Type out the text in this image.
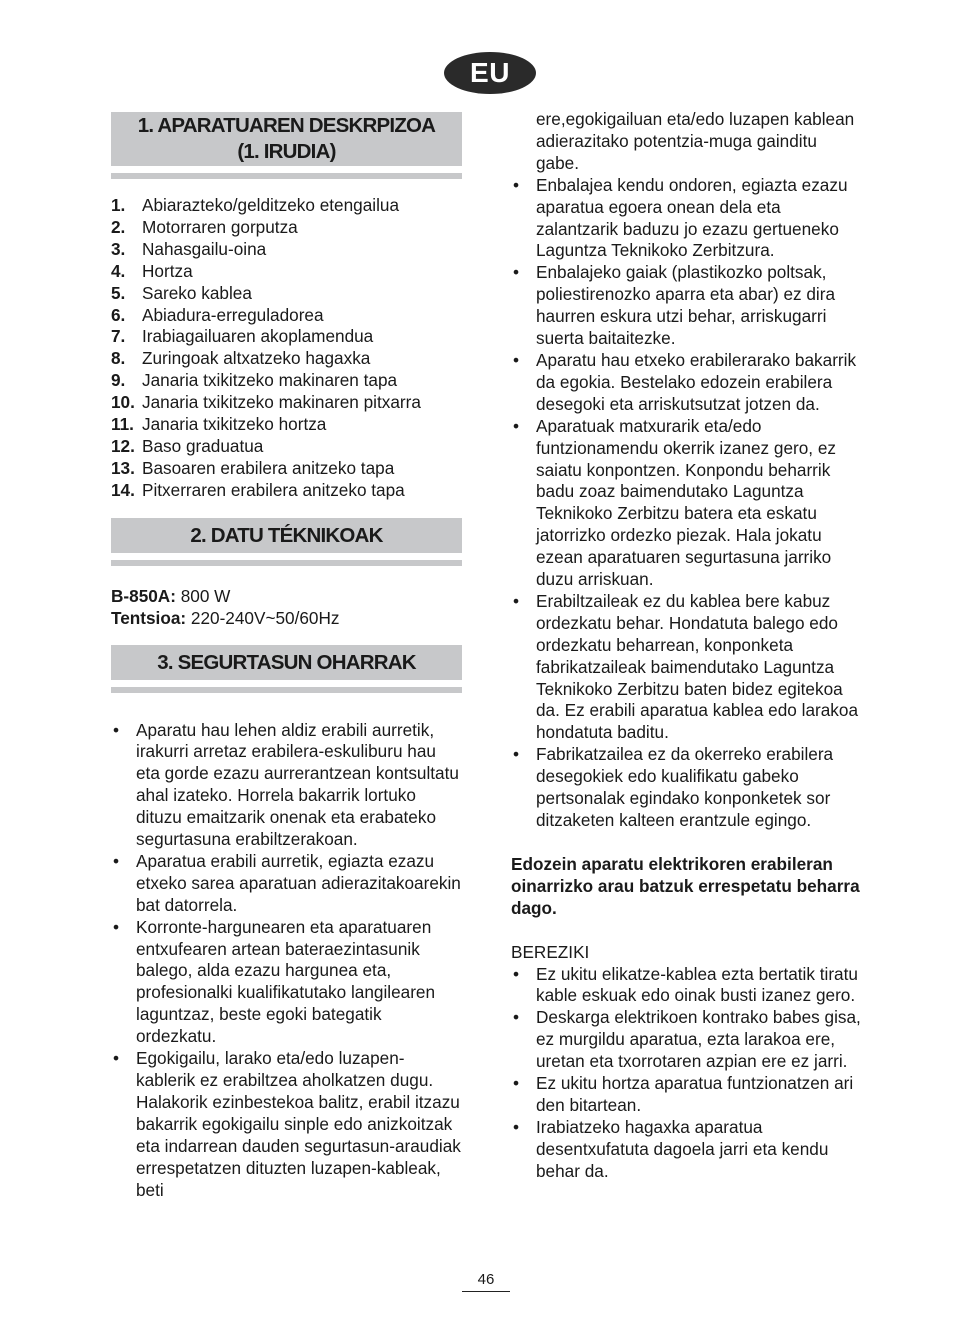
EU
1. APARATUAREN DESKRPIZOA
(1. IRUDIA)
1. Abiarazteko/gelditzeko etengailua
2. Motorraren gorputza
3. Nahasgailu-oina
4. Hortza
5. Sareko kablea
6. Abiadura-erreguladorea
7. Irabiagailuaren akoplamendua
8. Zuringoak altxatzeko hagaxka
9. Janaria txikitzeko makinaren tapa
10. Janaria txikitzeko makinaren pitxarra
11. Janaria txikitzeko hortza
12. Baso graduatua
13. Basoaren erabilera anitzeko tapa
14. Pitxerraren erabilera anitzeko tapa
2. DATU TÉKNIKOAK
B-850A: 800 W
Tentsioa: 220-240V~50/60Hz
3. SEGURTASUN OHARRAK
• Aparatu hau lehen aldiz erabili aurretik, irakurri arretaz erabilera-eskuliburu hau eta gorde ezazu aurrerantzean kontsultatu ahal izateko. Horrela bakarrik lortuko dituzu emaitzarik onenak eta erabateko segurtasuna erabiltzerakoan.
• Aparatua erabili aurretik, egiazta ezazu etxeko sarea aparatuan adierazitakoarekin bat datorrela.
• Korronte-hargunearen eta aparatuaren entxufearen artean bateraezintasunik balego, alda ezazu hargunea eta, profesionalki kualifikatutako langilearen laguntzaz, beste egoki bategatik ordezkatu.
• Egokigailu, larako eta/edo luzapen-kablerik ez erabiltzea aholkatzen dugu. Halakorik ezinbestekoa balitz, erabil itzazu bakarrik egokigailu sinple edo anizkoitzak eta indarrean dauden segurtasun-araudiak errespetatzen dituzten luzapen-kableak, beti
ere,egokigailuan eta/edo luzapen kablean adierazitako potentzia-muga gainditu gabe.
• Enbalajea kendu ondoren, egiazta ezazu aparatua egoera onean dela eta zalantzarik baduzu jo ezazu gertueneko Laguntza Teknikoko Zerbitzura.
• Enbalajeko gaiak (plastikozko poltsak, poliestirenozko aparra eta abar) ez dira haurren eskura utzi behar, arriskugarri suerta baitaitezke.
• Aparatu hau etxeko erabilerarako bakarrik da egokia. Bestelako edozein erabilera desegoki eta arriskutsutzat jotzen da.
• Aparatuak matxurarik eta/edo funtzionamendu okerrik izanez gero, ez saiatu konpontzen. Konpondu beharrik badu zoaz baimendutako Laguntza Teknikoko Zerbitzu batera eta eskatu jatorrizko ordezko piezak. Hala jokatu ezean aparatuaren segurtasuna jarriko duzu arriskuan.
• Erabiltzaileak ez du kablea bere kabuz ordezkatu behar. Hondatuta balego edo ordezkatu beharrean, konponketa fabrikatzaileak baimendutako Laguntza Teknikoko Zerbitzu baten bidez egitekoa da. Ez erabili aparatua kablea edo larakoa hondatuta baditu.
• Fabrikatzailea ez da okerreko erabilera desegokiek edo kualifikatu gabeko pertsonalak egindako konponketek sor ditzaketen kalteen erantzule egingo.
Edozein aparatu elektrikoren erabileran oinarrizko arau batzuk errespetatu beharra dago.
BEREZIKI
• Ez ukitu elikatze-kablea ezta bertatik tiratu kable eskuak edo oinak busti izanez gero.
• Deskarga elektrikoen kontrako babes gisa, ez murgildu aparatua, ezta larakoa ere, uretan eta txorrotaren azpian ere ez jarri.
• Ez ukitu hortza aparatua funtzionatzen ari den bitartean.
• Irabiatzeko hagaxka aparatua desentxufatuta dagoela jarri eta kendu behar da.
46
